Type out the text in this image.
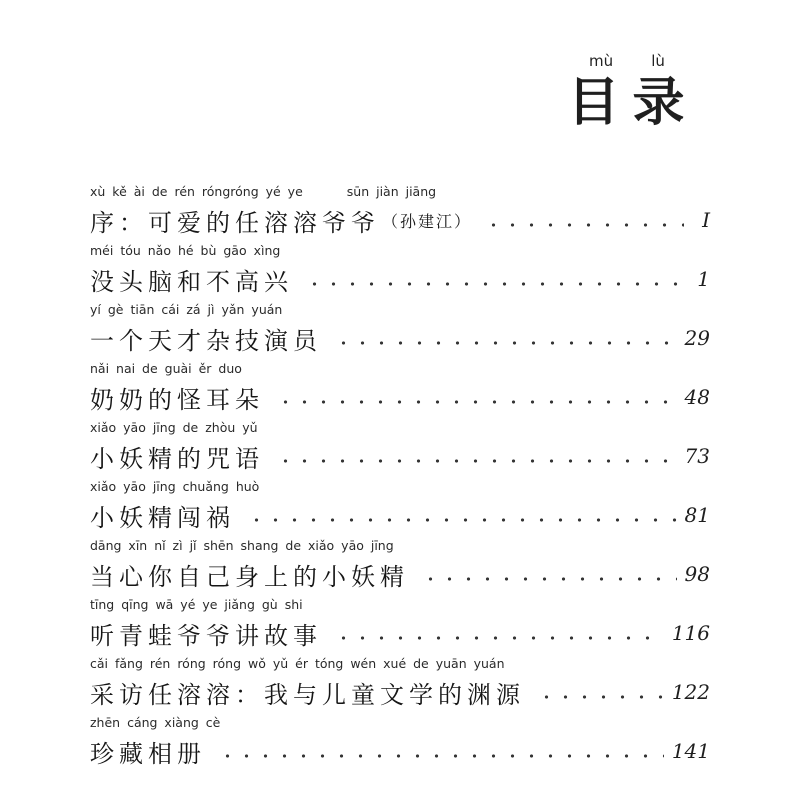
mù	lù
目 录
xù kě ài de rén róngróng yé ye	sūn jiàn jiāng
序：可爱的任溶溶爷爷 （孙建江）	I
méi tóu nǎo hé bù gāo xìng
没头脑和不高兴	1
yí gè tiān cái zá jì yǎn yuán
一个天才杂技演员	29
nǎi nai de guài ěr duo
奶奶的怪耳朵	48
xiǎo yāo jīng de zhòu yǔ
小妖精的咒语	73
xiǎo yāo jīng chuǎng huò
小妖精闯祸	81
dāng xīn nǐ zì jǐ shēn shang de xiǎo yāo jīng
当心你自己身上的小妖精	98
tīng qīng wā yé ye jiǎng gù shi
听青蛙爷爷讲故事	116
cǎi fǎng rén róng róng wǒ yǔ ér tóng wén xué de yuān yuán
采访任溶溶：我与儿童文学的渊源	122
zhēn cáng xiàng cè
珍藏相册	141
